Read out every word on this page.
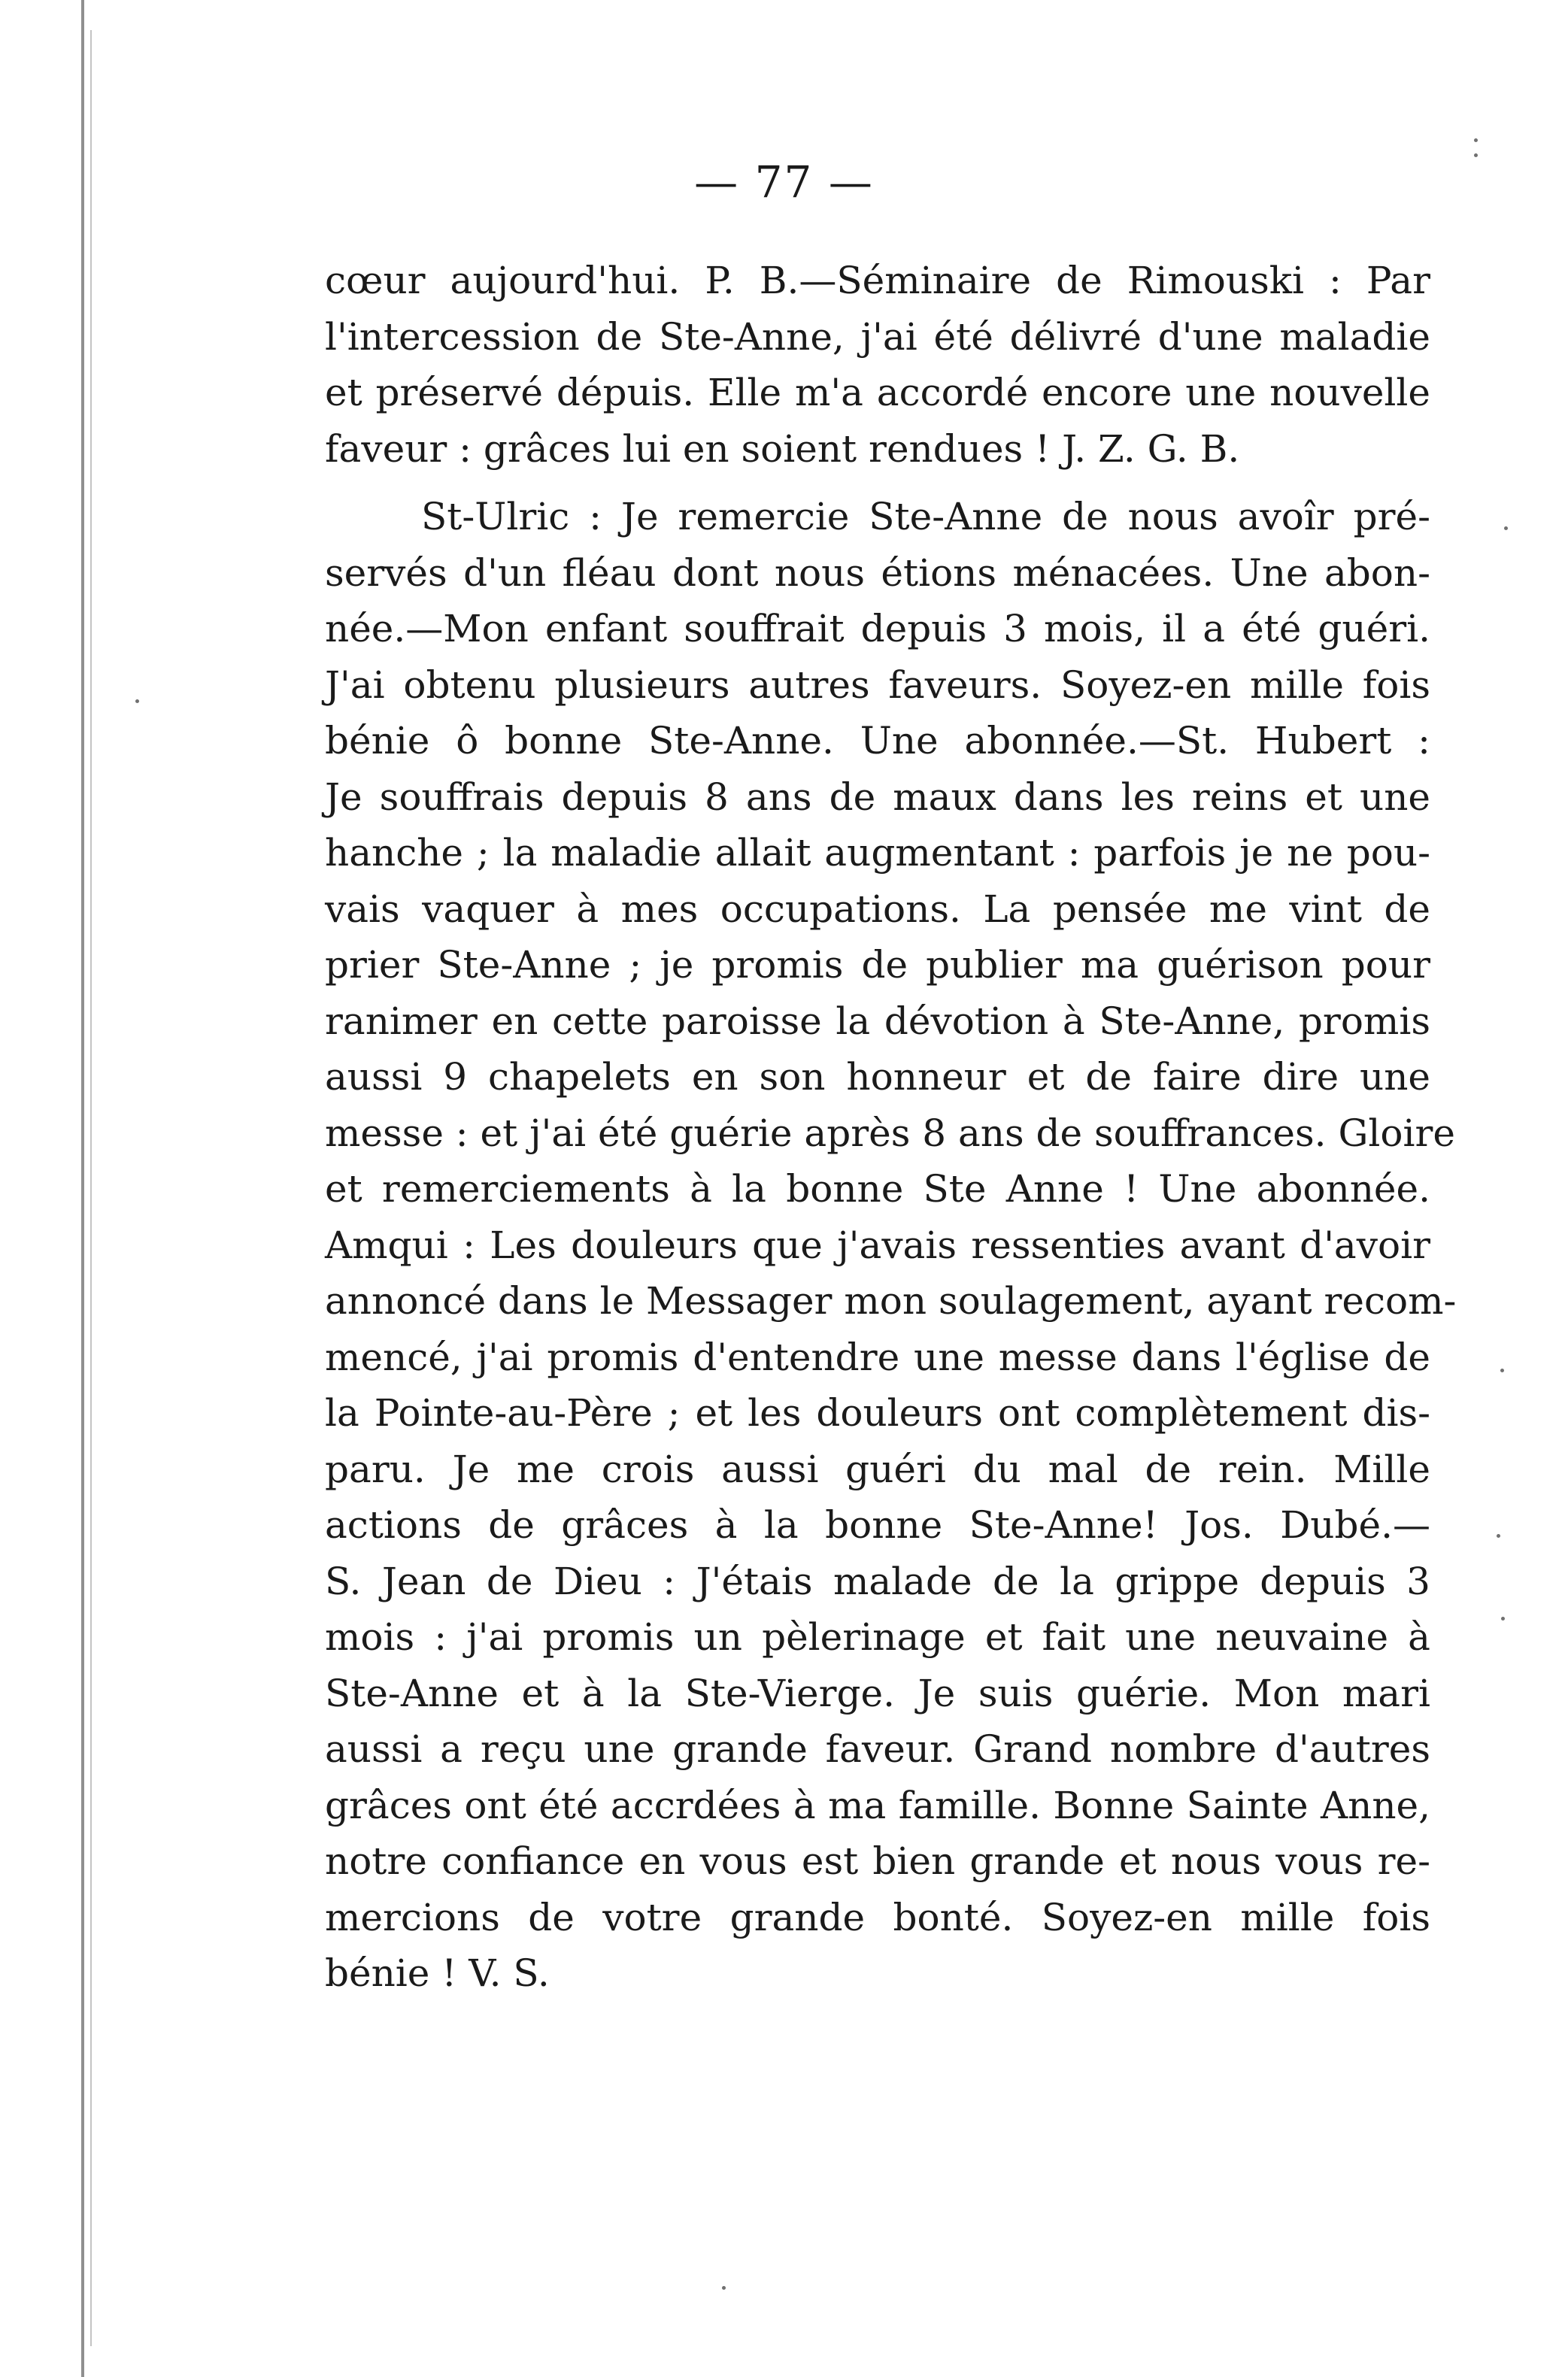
— 77 —
cœur aujourd'hui. P. B.—Séminaire de Rimouski : Par
l'intercession de Ste-Anne, j'ai été délivré d'une maladie
et préservé dépuis. Elle m'a accordé encore une nouvelle
faveur : grâces lui en soient rendues ! J. Z. G. B.
St-Ulric : Je remercie Ste-Anne de nous avoîr pré-
servés d'un fléau dont nous étions ménacées. Une abon-
née.—Mon enfant souffrait depuis 3 mois, il a été guéri.
J'ai obtenu plusieurs autres faveurs. Soyez-en mille fois
bénie ô bonne Ste-Anne. Une abonnée.—St. Hubert :
Je souffrais depuis 8 ans de maux dans les reins et une
hanche ; la maladie allait augmentant : parfois je ne pou-
vais vaquer à mes occupations. La pensée me vint de
prier Ste-Anne ; je promis de publier ma guérison pour
ranimer en cette paroisse la dévotion à Ste-Anne, promis
aussi 9 chapelets en son honneur et de faire dire une
messe : et j'ai été guérie après 8 ans de souffrances. Gloire
et remerciements à la bonne Ste Anne ! Une abonnée.
Amqui : Les douleurs que j'avais ressenties avant d'avoir
annoncé dans le Messager mon soulagement, ayant recom-
mencé, j'ai promis d'entendre une messe dans l'église de
la Pointe-au-Père ; et les douleurs ont complètement dis-
paru. Je me crois aussi guéri du mal de rein. Mille
actions de grâces à la bonne Ste-Anne! Jos. Dubé.—
S. Jean de Dieu : J'étais malade de la grippe depuis 3
mois : j'ai promis un pèlerinage et fait une neuvaine à
Ste-Anne et à la Ste-Vierge. Je suis guérie. Mon mari
aussi a reçu une grande faveur. Grand nombre d'autres
grâces ont été accrdées à ma famille. Bonne Sainte Anne,
notre confiance en vous est bien grande et nous vous re-
mercions de votre grande bonté. Soyez-en mille fois
bénie ! V. S.
